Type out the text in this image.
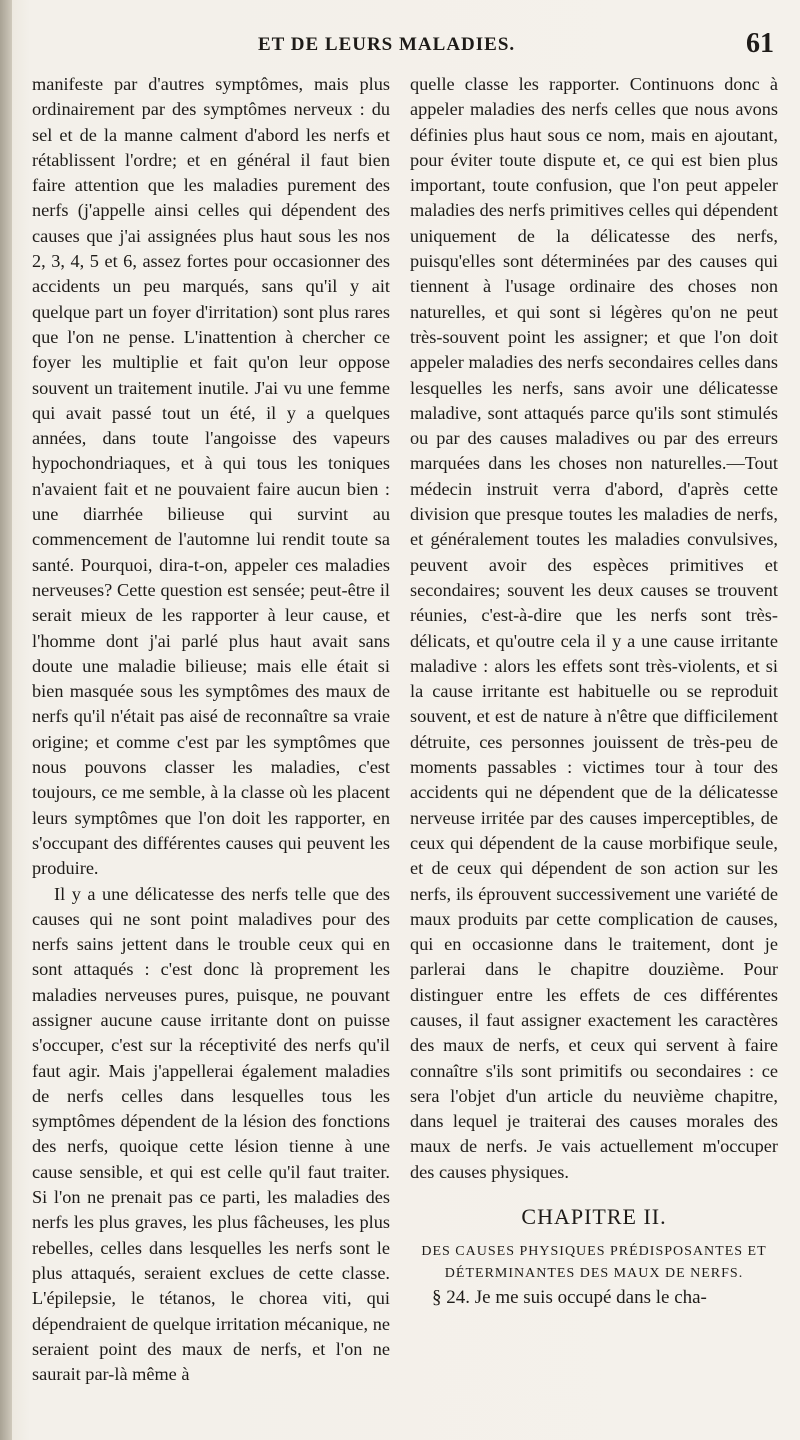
ET DE LEURS MALADIES.	61

manifeste par d'autres symptômes, mais plus ordinairement par des symptômes nerveux : du sel et de la manne calment d'abord les nerfs et rétablissent l'ordre; et en général il faut bien faire attention que les maladies purement des nerfs (j'appelle ainsi celles qui dépendent des causes que j'ai assignées plus haut sous les nos 2, 3, 4, 5 et 6, assez fortes pour occasionner des accidents un peu marqués, sans qu'il y ait quelque part un foyer d'irritation) sont plus rares que l'on ne pense. L'inattention à chercher ce foyer les multiplie et fait qu'on leur oppose souvent un traitement inutile. J'ai vu une femme qui avait passé tout un été, il y a quelques années, dans toute l'angoisse des vapeurs hypochondriaques, et à qui tous les toniques n'avaient fait et ne pouvaient faire aucun bien : une diarrhée bilieuse qui survint au commencement de l'automne lui rendit toute sa santé. Pourquoi, dira-t-on, appeler ces maladies nerveuses? Cette question est sensée; peut-être il serait mieux de les rapporter à leur cause, et l'homme dont j'ai parlé plus haut avait sans doute une maladie bilieuse; mais elle était si bien masquée sous les symptômes des maux de nerfs qu'il n'était pas aisé de reconnaître sa vraie origine; et comme c'est par les symptômes que nous pouvons classer les maladies, c'est toujours, ce me semble, à la classe où les placent leurs symptômes que l'on doit les rapporter, en s'occupant des différentes causes qui peuvent les produire.

Il y a une délicatesse des nerfs telle que des causes qui ne sont point maladives pour des nerfs sains jettent dans le trouble ceux qui en sont attaqués : c'est donc là proprement les maladies nerveuses pures, puisque, ne pouvant assigner aucune cause irritante dont on puisse s'occuper, c'est sur la réceptivité des nerfs qu'il faut agir. Mais j'appellerai également maladies de nerfs celles dans lesquelles tous les symptômes dépendent de la lésion des fonctions des nerfs, quoique cette lésion tienne à une cause sensible, et qui est celle qu'il faut traiter. Si l'on ne prenait pas ce parti, les maladies des nerfs les plus graves, les plus fâcheuses, les plus rebelles, celles dans lesquelles les nerfs sont le plus attaqués, seraient exclues de cette classe. L'épilepsie, le tétanos, le chorea viti, qui dépendraient de quelque irritation mécanique, ne seraient point des maux de nerfs, et l'on ne saurait par-là même à

quelle classe les rapporter. Continuons donc à appeler maladies des nerfs celles que nous avons définies plus haut sous ce nom, mais en ajoutant, pour éviter toute dispute et, ce qui est bien plus important, toute confusion, que l'on peut appeler maladies des nerfs primitives celles qui dépendent uniquement de la délicatesse des nerfs, puisqu'elles sont déterminées par des causes qui tiennent à l'usage ordinaire des choses non naturelles, et qui sont si légères qu'on ne peut très-souvent point les assigner; et que l'on doit appeler maladies des nerfs secondaires celles dans lesquelles les nerfs, sans avoir une délicatesse maladive, sont attaqués parce qu'ils sont stimulés ou par des causes maladives ou par des erreurs marquées dans les choses non naturelles.—Tout médecin instruit verra d'abord, d'après cette division que presque toutes les maladies de nerfs, et généralement toutes les maladies convulsives, peuvent avoir des espèces primitives et secondaires; souvent les deux causes se trouvent réunies, c'est-à-dire que les nerfs sont très-délicats, et qu'outre cela il y a une cause irritante maladive : alors les effets sont très-violents, et si la cause irritante est habituelle ou se reproduit souvent, et est de nature à n'être que difficilement détruite, ces personnes jouissent de très-peu de moments passables : victimes tour à tour des accidents qui ne dépendent que de la délicatesse nerveuse irritée par des causes imperceptibles, de ceux qui dépendent de la cause morbifique seule, et de ceux qui dépendent de son action sur les nerfs, ils éprouvent successivement une variété de maux produits par cette complication de causes, qui en occasionne dans le traitement, dont je parlerai dans le chapitre douzième. Pour distinguer entre les effets de ces différentes causes, il faut assigner exactement les caractères des maux de nerfs, et ceux qui servent à faire connaître s'ils sont primitifs ou secondaires : ce sera l'objet d'un article du neuvième chapitre, dans lequel je traiterai des causes morales des maux de nerfs. Je vais actuellement m'occuper des causes physiques.

CHAPITRE II.
DES CAUSES PHYSIQUES PRÉDISPOSANTES ET DÉTERMINANTES DES MAUX DE NERFS.

§ 24. Je me suis occupé dans le cha-
